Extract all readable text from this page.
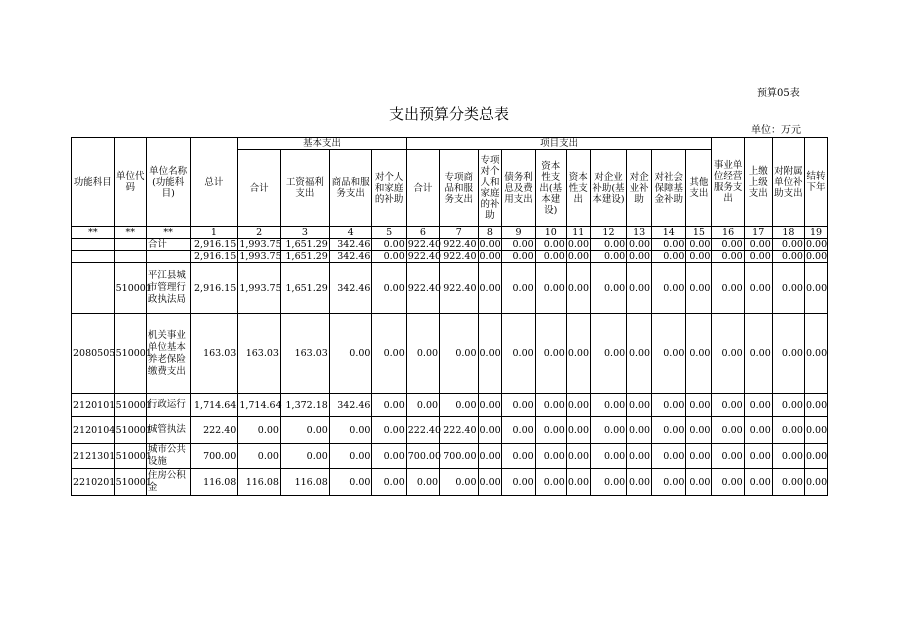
预算05表
支出预算分类总表
单位：万元
功能科目	单位代码	单位名称(功能科目)	总计	基本支出				项目支出										事业单位经营服务支出	上缴上级支出	对附属单位补助支出	结转下年
				合计	工资福利支出	商品和服务支出	对个人和家庭的补助	合计	专项商品和服务支出	专项对个人和家庭的补助	债务利息及费用支出	资本性支出(基本建设)	资本性支出	对企业补助(基本建设)	对企业补助	对社会保障基金补助	其他支出				
**	**	**	1	2	3	4	5	6	7	8	9	10	11	12	13	14	15	16	17	18	19
		合计	2,916.15	1,993.75	1,651.29	342.46	0.00	922.40	922.40	0.00	0.00	0.00	0.00	0.00	0.00	0.00	0.00	0.00	0.00	0.00	0.00
			2,916.15	1,993.75	1,651.29	342.46	0.00	922.40	922.40	0.00	0.00	0.00	0.00	0.00	0.00	0.00	0.00	0.00	0.00	0.00	0.00
	510001	平江县城市管理行政执法局	2,916.15	1,993.75	1,651.29	342.46	0.00	922.40	922.40	0.00	0.00	0.00	0.00	0.00	0.00	0.00	0.00	0.00	0.00	0.00	0.00
2080505	510001	机关事业单位基本养老保险缴费支出	163.03	163.03	163.03	0.00	0.00	0.00	0.00	0.00	0.00	0.00	0.00	0.00	0.00	0.00	0.00	0.00	0.00	0.00	0.00
2120101	510001	行政运行	1,714.64	1,714.64	1,372.18	342.46	0.00	0.00	0.00	0.00	0.00	0.00	0.00	0.00	0.00	0.00	0.00	0.00	0.00	0.00	0.00
2120104	510001	城管执法	222.40	0.00	0.00	0.00	0.00	222.40	222.40	0.00	0.00	0.00	0.00	0.00	0.00	0.00	0.00	0.00	0.00	0.00	0.00
2121301	510001	城市公共设施	700.00	0.00	0.00	0.00	0.00	700.00	700.00	0.00	0.00	0.00	0.00	0.00	0.00	0.00	0.00	0.00	0.00	0.00	0.00
2210201	510001	住房公积金	116.08	116.08	116.08	0.00	0.00	0.00	0.00	0.00	0.00	0.00	0.00	0.00	0.00	0.00	0.00	0.00	0.00	0.00	0.00
